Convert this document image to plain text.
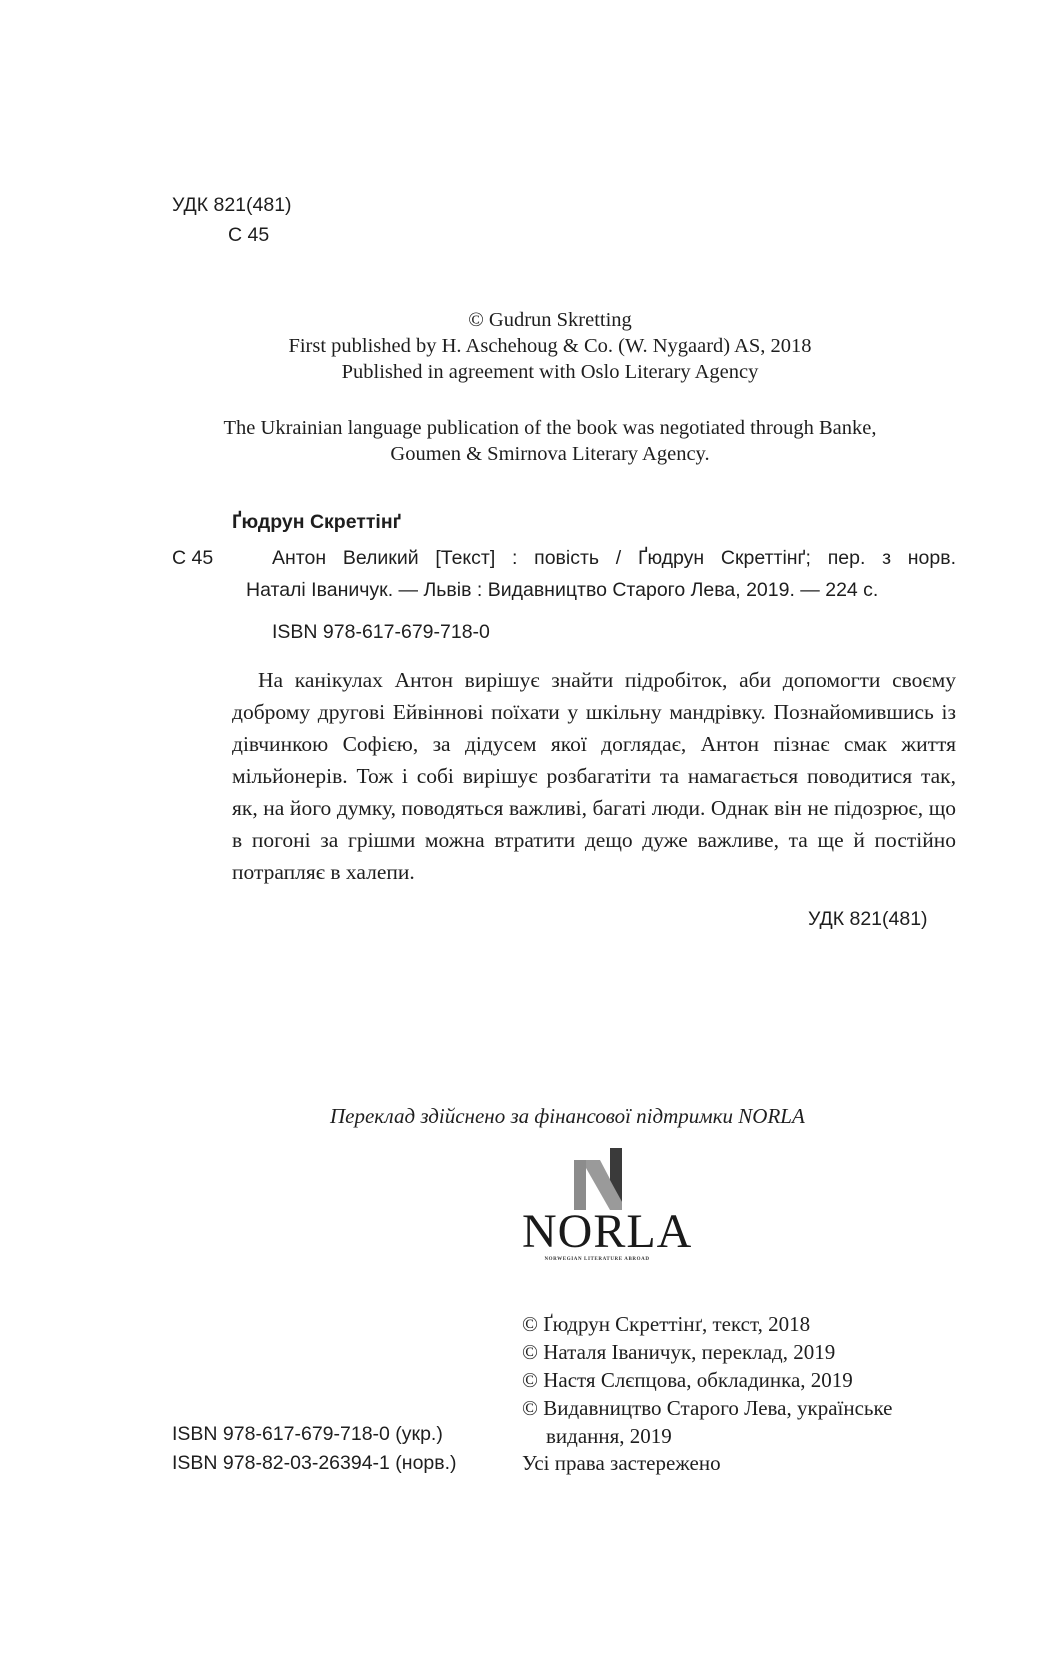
УДК 821(481)
С 45
© Gudrun Skretting
First published by H. Aschehoug & Co. (W. Nygaard) AS, 2018
Published in agreement with Oslo Literary Agency
The Ukrainian language publication of the book was negotiated through Banke,
Goumen & Smirnova Literary Agency.
Ґюдрун Скреттінґ
С 45	Антон Великий [Текст] : повість / Ґюдрун Скреттінґ; пер. з норв.
Наталі Іваничук. — Львів : Видавництво Старого Лева, 2019. — 224 с.
ISBN 978-617-679-718-0
На канікулах Антон вирішує знайти підробіток, аби допомогти своєму доброму другові Ейвіннові поїхати у шкільну мандрівку. Познайомившись із дівчинкою Софією, за дідусем якої доглядає, Антон пізнає смак життя мільйонерів. Тож і собі вирішує розбагатіти та намагається поводитися так, як, на його думку, поводяться важливі, багаті люди. Однак він не підозрює, що в погоні за грішми можна втратити дещо дуже важливе, та ще й постійно потрапляє в халепи.
УДК 821(481)
Переклад здійснено за фінансової підтримки NORLA
NORLA
NORWEGIAN LITERATURE ABROAD
© Ґюдрун Скреттінґ, текст, 2018
© Наталя Іваничук, переклад, 2019
© Настя Слєпцова, обкладинка, 2019
© Видавництво Старого Лева, українське
видання, 2019
ISBN 978-617-679-718-0 (укр.)
ISBN 978-82-03-26394-1 (норв.)	Усі права застережено
